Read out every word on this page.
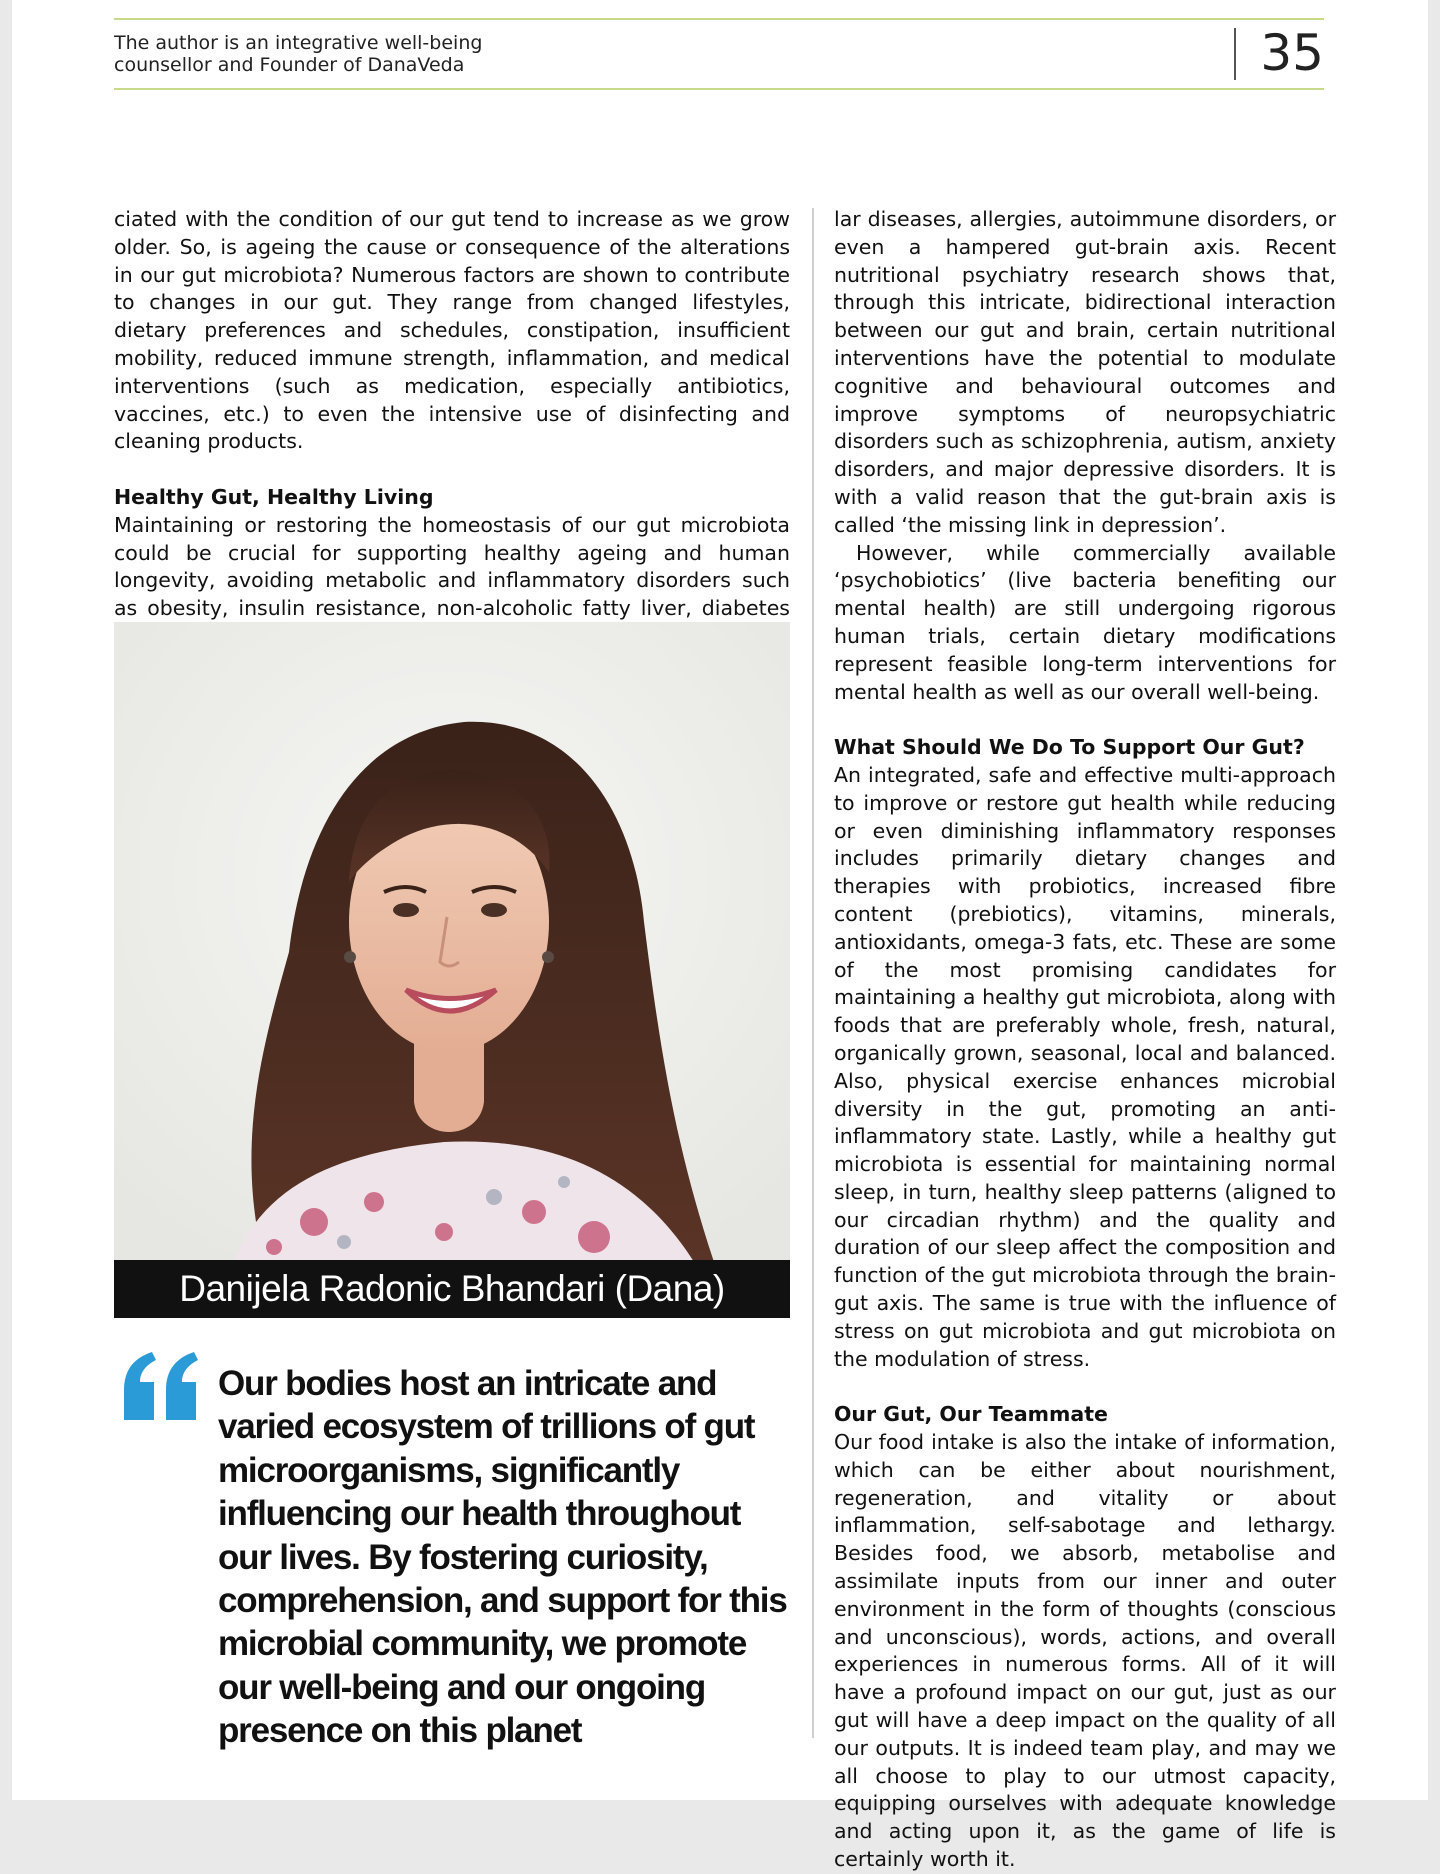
The author is an integrative well-being counsellor and Founder of DanaVeda	35

ciated with the condition of our gut tend to increase as we grow older. So, is ageing the cause or consequence of the alterations in our gut microbiota? Numerous factors are shown to contribute to changes in our gut. They range from changed lifestyles, dietary preferences and schedules, constipation, insufficient mobility, reduced immune strength, inflammation, and medical interventions (such as medication, especially antibiotics, vaccines, etc.) to even the intensive use of disinfecting and cleaning products.

Healthy Gut, Healthy Living

Maintaining or restoring the homeostasis of our gut microbiota could be crucial for supporting healthy ageing and human longevity, avoiding metabolic and inflammatory disorders such as obesity, insulin resistance, non-alcoholic fatty liver, diabetes

Danijela Radonic Bhandari (Dana)
Our bodies host an intricate and varied ecosystem of trillions of gut microorganisms, significantly influencing our health throughout our lives. By fostering curiosity, comprehension, and support for this microbial community, we promote our well-being and our ongoing presence on this planet

lar diseases, allergies, autoimmune disorders, or even a hampered gut-brain axis. Recent nutritional psychiatry research shows that, through this intricate, bidirectional interaction between our gut and brain, certain nutritional interventions have the potential to modulate cognitive and behavioural outcomes and improve symptoms of neuropsychiatric disorders such as schizophrenia, autism, anxiety disorders, and major depressive disorders. It is with a valid reason that the gut-brain axis is called ‘the missing link in depression’.

However, while commercially available ‘psychobiotics’ (live bacteria benefiting our mental health) are still undergoing rigorous human trials, certain dietary modifications represent feasible long-term interventions for mental health as well as our overall well-being.

What Should We Do To Support Our Gut?

An integrated, safe and effective multi-approach to improve or restore gut health while reducing or even diminishing inflammatory responses includes primarily dietary changes and therapies with probiotics, increased fibre content (prebiotics), vitamins, minerals, antioxidants, omega-3 fats, etc. These are some of the most promising candidates for maintaining a healthy gut microbiota, along with foods that are preferably whole, fresh, natural, organically grown, seasonal, local and balanced. Also, physical exercise enhances microbial diversity in the gut, promoting an anti-inflammatory state. Lastly, while a healthy gut microbiota is essential for maintaining normal sleep, in turn, healthy sleep patterns (aligned to our circadian rhythm) and the quality and duration of our sleep affect the composition and function of the gut microbiota through the brain-gut axis. The same is true with the influence of stress on gut microbiota and gut microbiota on the modulation of stress.

Our Gut, Our Teammate

Our food intake is also the intake of information, which can be either about nourishment, regeneration, and vitality or about inflammation, self-sabotage and lethargy. Besides food, we absorb, metabolise and assimilate inputs from our inner and outer environment in the form of thoughts (conscious and unconscious), words, actions, and overall experiences in numerous forms. All of it will have a profound impact on our gut, just as our gut will have a deep impact on the quality of all our outputs. It is indeed team play, and may we all choose to play to our utmost capacity, equipping ourselves with adequate knowledge and acting upon it, as the game of life is certainly worth it.
